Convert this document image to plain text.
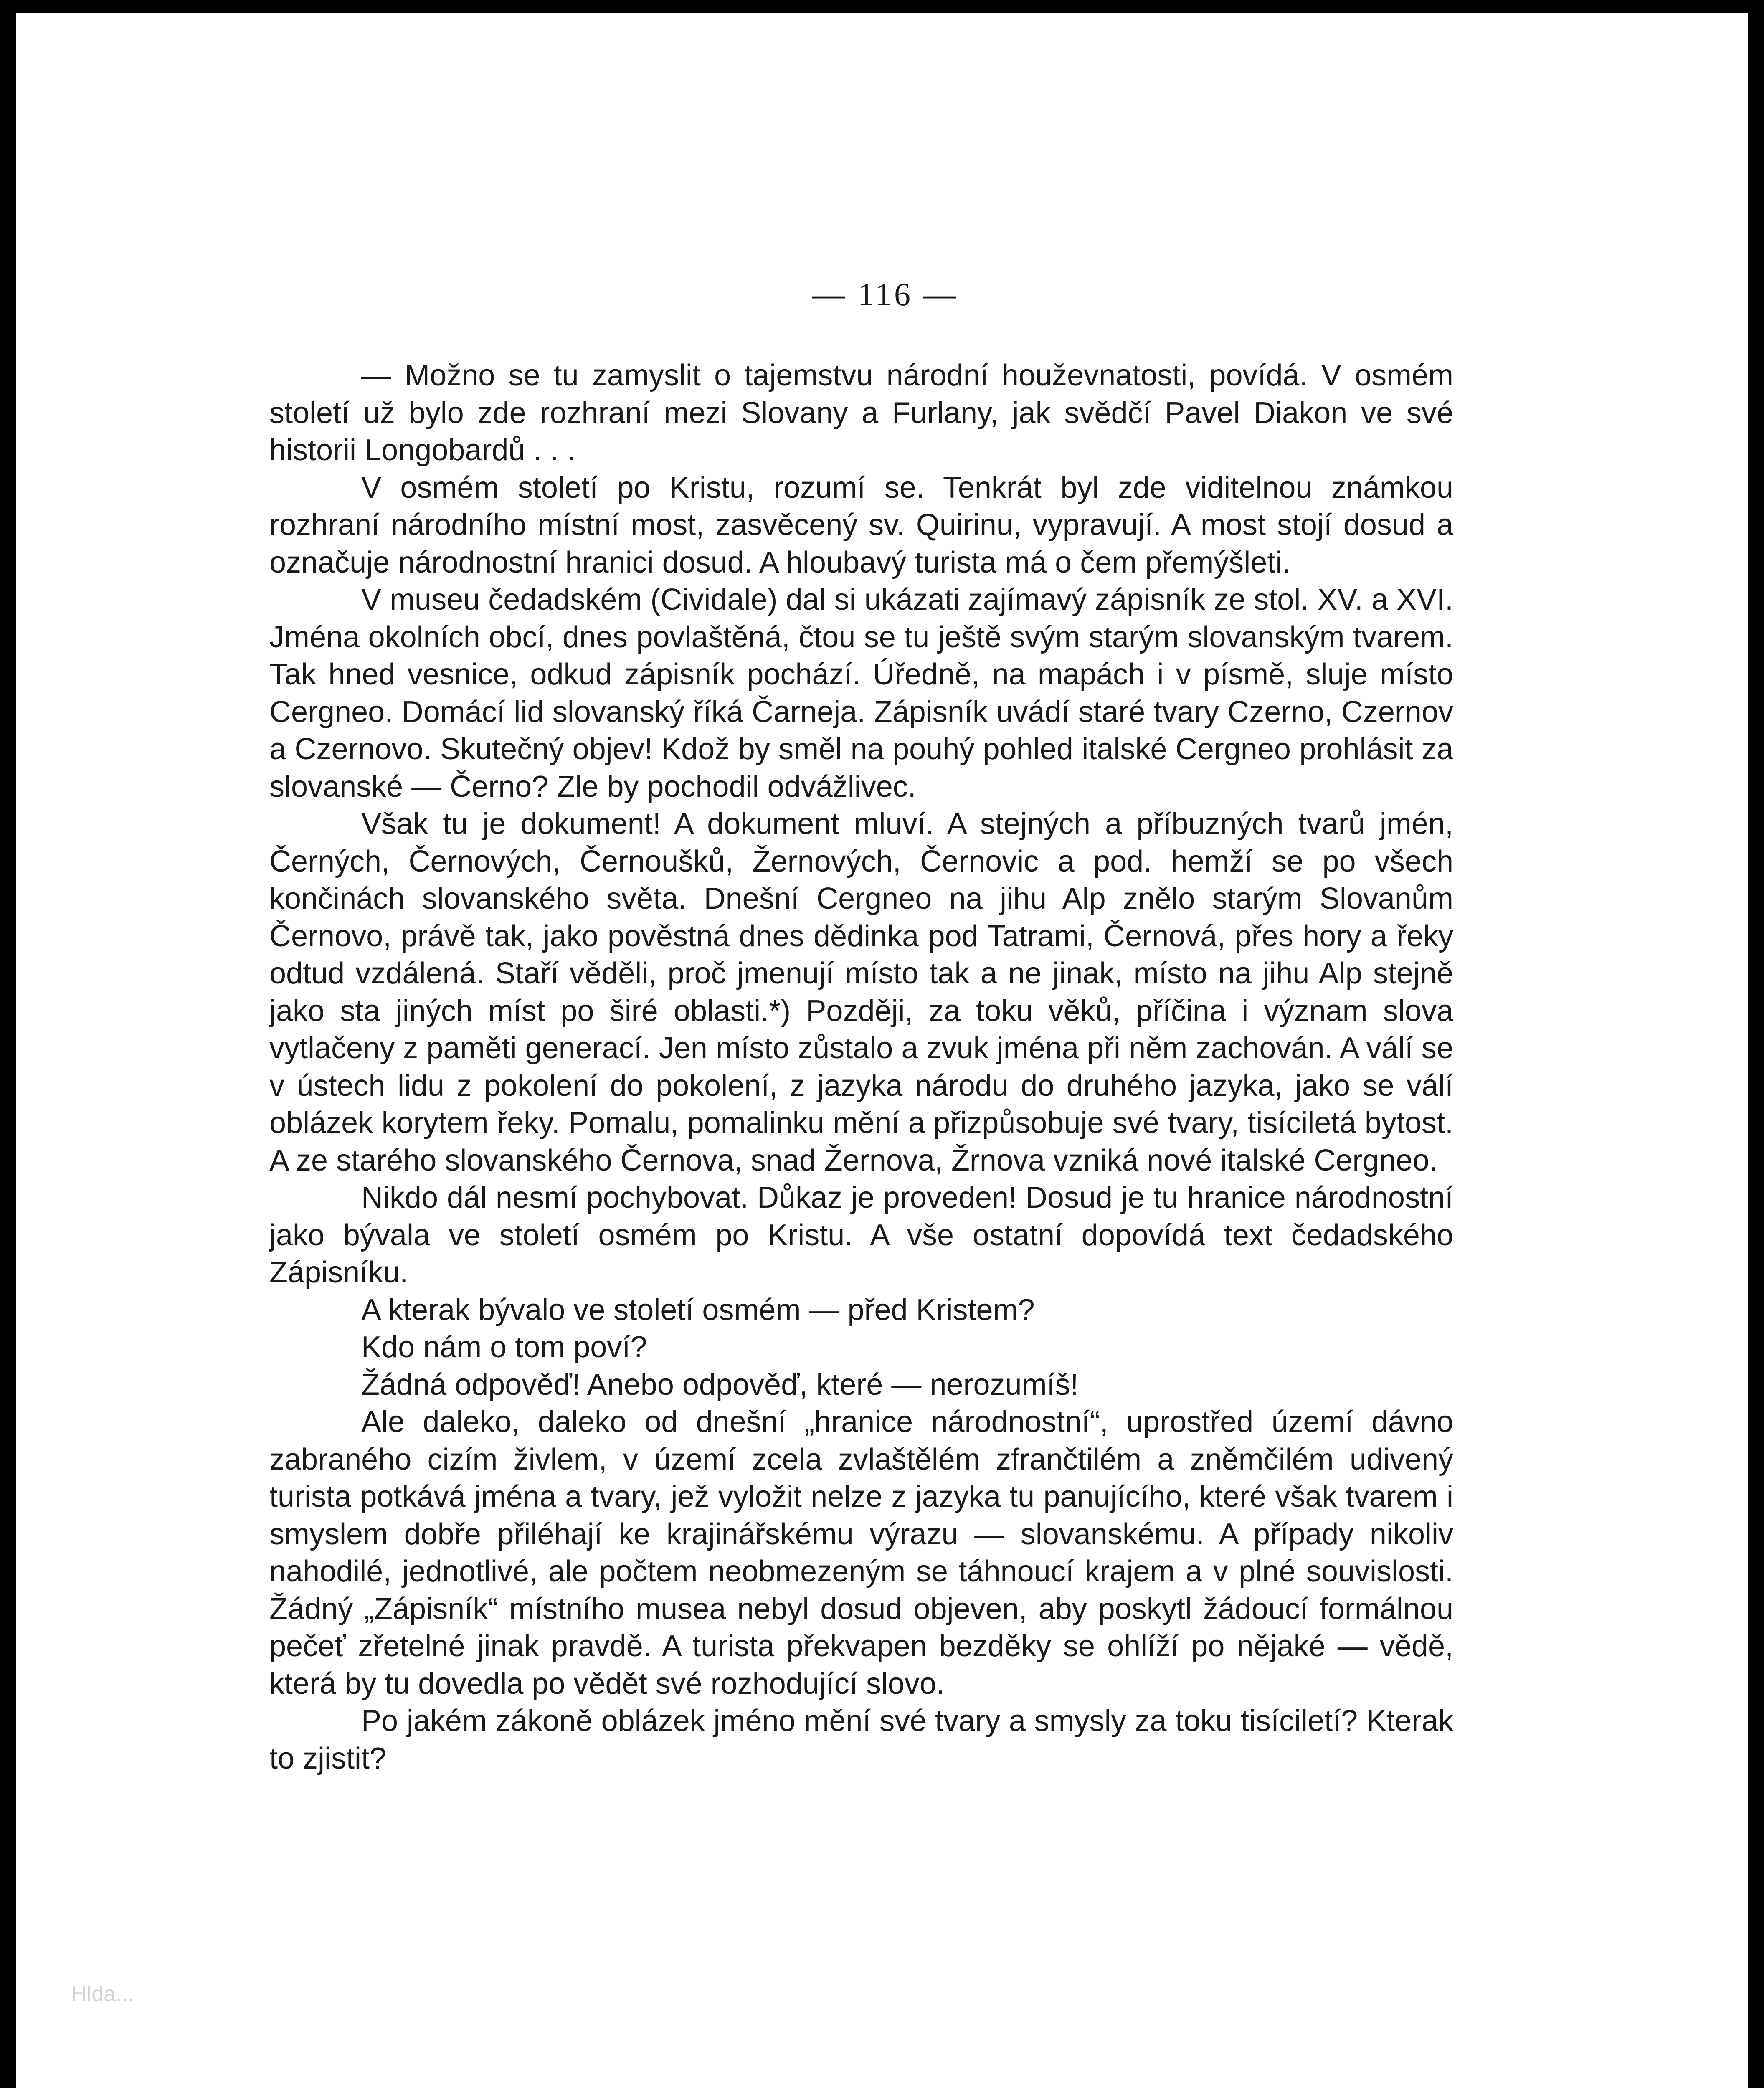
— 116 —

— Možno se tu zamyslit o tajemstvu národní houževnatosti, povídá. V osmém století už bylo zde rozhraní mezi Slovany a Furlany, jak svědčí Pavel Diakon ve své historii Longobardů . . .

V osmém století po Kristu, rozumí se. Tenkrát byl zde viditelnou známkou rozhraní národního místní most, zasvěcený sv. Quirinu, vypravují. A most stojí dosud a označuje národnostní hranici dosud. A hloubavý turista má o čem přemýšleti.

V museu čedadském (Cividale) dal si ukázati zajímavý zápisník ze stol. XV. a XVI. Jména okolních obcí, dnes povlaštěná, čtou se tu ještě svým starým slovanským tvarem. Tak hned vesnice, odkud zápisník pochází. Úředně, na mapách i v písmě, sluje místo Cergneo. Domácí lid slovanský říká Čarneja. Zápisník uvádí staré tvary Czerno, Czernov a Czernovo. Skutečný objev! Kdož by směl na pouhý pohled italské Cergneo prohlásit za slovanské — Černo? Zle by pochodil odvážlivec.

Však tu je dokument! A dokument mluví. A stejných a příbuzných tvarů jmén, Černých, Černových, Černoušků, Žernových, Černovic a pod. hemží se po všech končinách slovanského světa. Dnešní Cergneo na jihu Alp znělo starým Slovanům Černovo, právě tak, jako pověstná dnes dědinka pod Tatrami, Černová, přes hory a řeky odtud vzdálená. Staří věděli, proč jmenují místo tak a ne jinak, místo na jihu Alp stejně jako sta jiných míst po širé oblasti.*) Později, za toku věků, příčina i význam slova vytlačeny z paměti generací. Jen místo zůstalo a zvuk jména při něm zachován. A válí se v ústech lidu z pokolení do pokolení, z jazyka národu do druhého jazyka, jako se válí oblázek korytem řeky. Pomalu, pomalinku mění a přizpůsobuje své tvary, tisíciletá bytost. A ze starého slovanského Černova, snad Žernova, Žrnova vzniká nové italské Cergneo.

Nikdo dál nesmí pochybovat. Důkaz je proveden! Dosud je tu hranice národnostní jako bývala ve století osmém po Kristu. A vše ostatní dopovídá text čedadského Zápisníku.

A kterak bývalo ve století osmém — před Kristem?

Kdo nám o tom poví?

Žádná odpověď! Anebo odpověď, které — nerozumíš!

Ale daleko, daleko od dnešní „hranice národnostní“, uprostřed území dávno zabraného cizím živlem, v území zcela zvlaštělém zfrančtilém a zněmčilém udivený turista potkává jména a tvary, jež vyložit nelze z jazyka tu panujícího, které však tvarem i smyslem dobře přiléhají ke krajinářskému výrazu — slovanskému. A případy nikoliv nahodilé, jednotlivé, ale počtem neobmezeným se táhnoucí krajem a v plné souvislosti. Žádný „Zápisník“ místního musea nebyl dosud objeven, aby poskytl žádoucí formálnou pečeť zřetelné jinak pravdě. A turista překvapen bezděky se ohlíží po nějaké — vědě, která by tu dovedla po vědět své rozhodující slovo.

Po jakém zákoně oblázek jméno mění své tvary a smysly za toku tisíciletí? Kterak to zjistit?

Hlda...
